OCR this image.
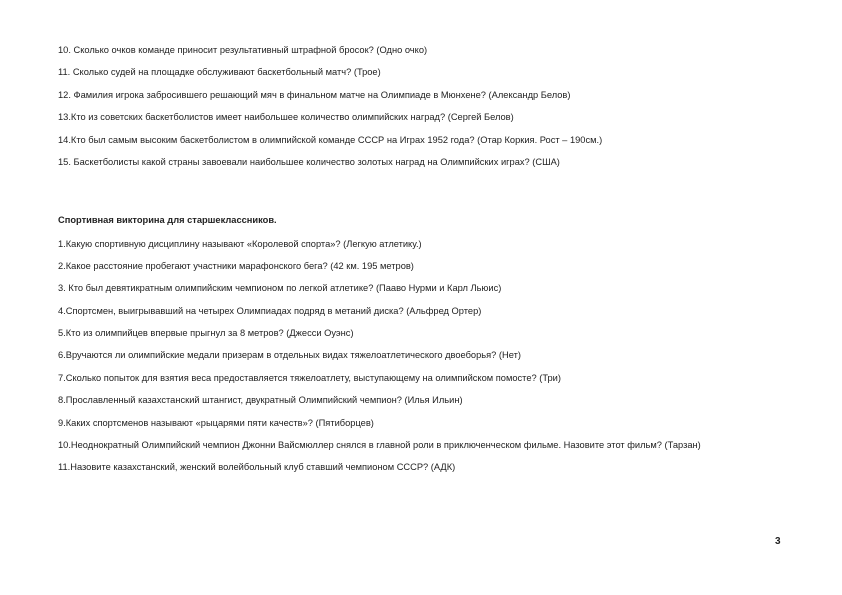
10. Сколько очков команде приносит результативный штрафной бросок? (Одно очко)

11. Сколько судей на площадке обслуживают баскетбольный матч? (Трое)

12. Фамилия игрока забросившего решающий мяч в финальном матче на Олимпиаде в Мюнхене? (Александр Белов)

13.Кто из советских баскетболистов имеет наибольшее количество олимпийских наград? (Сергей Белов)

14.Кто был самым высоким баскетболистом в олимпийской команде СССР на Играх 1952 года? (Отар Коркия. Рост – 190см.)

15. Баскетболисты какой страны завоевали наибольшее количество золотых наград на Олимпийских играх? (США)

Спортивная викторина для старшеклассников.

1.Какую спортивную дисциплину называют «Королевой спорта»? (Легкую атлетику.)

2.Какое расстояние пробегают участники марафонского бега? (42 км. 195 метров)

3. Кто был девятикратным олимпийским чемпионом по легкой атлетике? (Пааво Нурми и Карл Льюис)

4.Спортсмен, выигрывавший на четырех Олимпиадах подряд в метаний диска? (Альфред Ортер)

5.Кто из олимпийцев впервые прыгнул за 8 метров? (Джесси Оуэнс)

6.Вручаются ли олимпийские медали призерам в отдельных видах тяжелоатлетического двоеборья? (Нет)

7.Сколько попыток для взятия веса предоставляется тяжелоатлету, выступающему на олимпийском помосте? (Три)

8.Прославленный казахстанский штангист, двукратный Олимпийский чемпион? (Илья Ильин)

9.Каких спортсменов называют «рыцарями пяти качеств»? (Пятиборцев)

10.Неоднократный Олимпийский чемпион Джонни Вайсмюллер снялся в главной роли в приключенческом фильме. Назовите этот фильм? (Тарзан)

11.Назовите казахстанский, женский волейбольный клуб ставший чемпионом СССР? (АДК)

3
